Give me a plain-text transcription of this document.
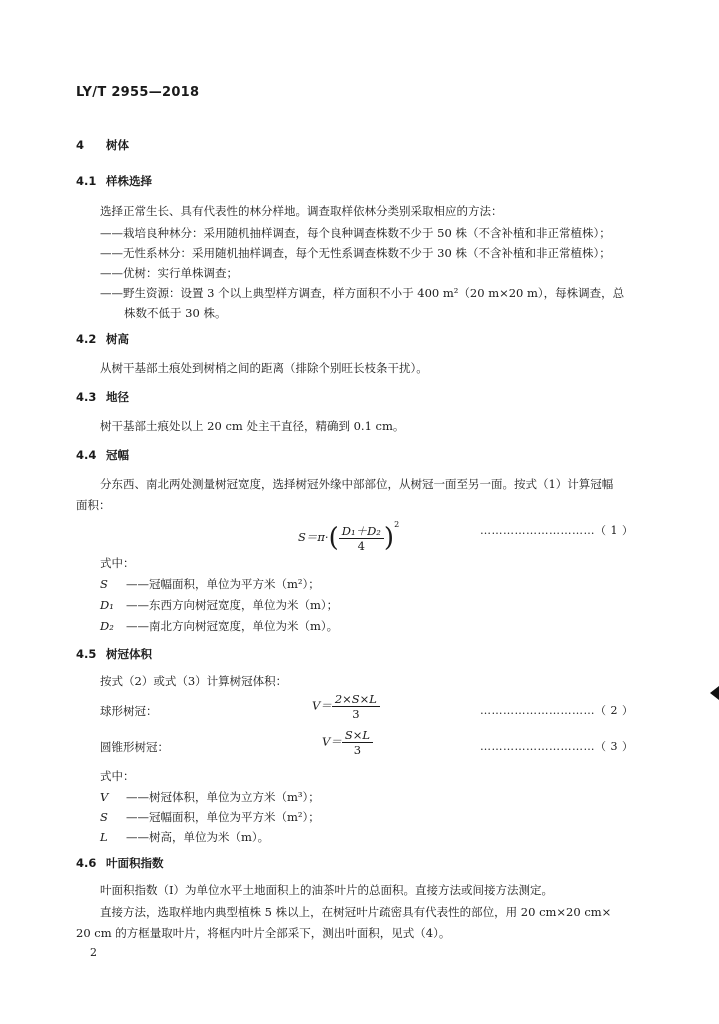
LY/T 2955—2018
4 树体
4.1 样株选择
选择正常生长、具有代表性的林分样地。调查取样依林分类别采取相应的方法：
——栽培良种林分：采用随机抽样调查，每个良种调查株数不少于 50 株（不含补植和非正常植株）；
——无性系林分：采用随机抽样调查，每个无性系调查株数不少于 30 株（不含补植和非正常植株）；
——优树：实行单株调查；
——野生资源：设置 3 个以上典型样方调查，样方面积不小于 400 m²（20 m×20 m），每株调查，总
株数不低于 30 株。
4.2 树高
从树干基部土痕处到树梢之间的距离（排除个别旺长枝条干扰）。
4.3 地径
树干基部土痕处以上 20 cm 处主干直径，精确到 0.1 cm。
4.4 冠幅
分东西、南北两处测量树冠宽度，选择树冠外缘中部部位，从树冠一面至另一面。按式（1）计算冠幅
面积：
$S=\pi\cdot( \frac{\text{D₁＋D₂}}{4} )^2$	…………………………（ 1 ）
式中：
S ——冠幅面积，单位为平方米（m²）；
D₁ ——东西方向树冠宽度，单位为米（m）；
D₂ ——南北方向树冠宽度，单位为米（m）。
4.5 树冠体积
按式（2）或式（3）计算树冠体积：
球形树冠：	$V= \frac{2\times S\times L}{3}$	…………………………（ 2 ）
圆锥形树冠：	$V= \frac{S\times L}{3}$	…………………………（ 3 ）
式中：
V ——树冠体积，单位为立方米（m³）；
S ——冠幅面积，单位为平方米（m²）；
L ——树高，单位为米（m）。
4.6 叶面积指数
叶面积指数（I）为单位水平土地面积上的油茶叶片的总面积。直接方法或间接方法测定。
直接方法，选取样地内典型植株 5 株以上，在树冠叶片疏密具有代表性的部位，用 20 cm×20 cm×
20 cm 的方框量取叶片，将框内叶片全部采下，测出叶面积，见式（4）。
2
